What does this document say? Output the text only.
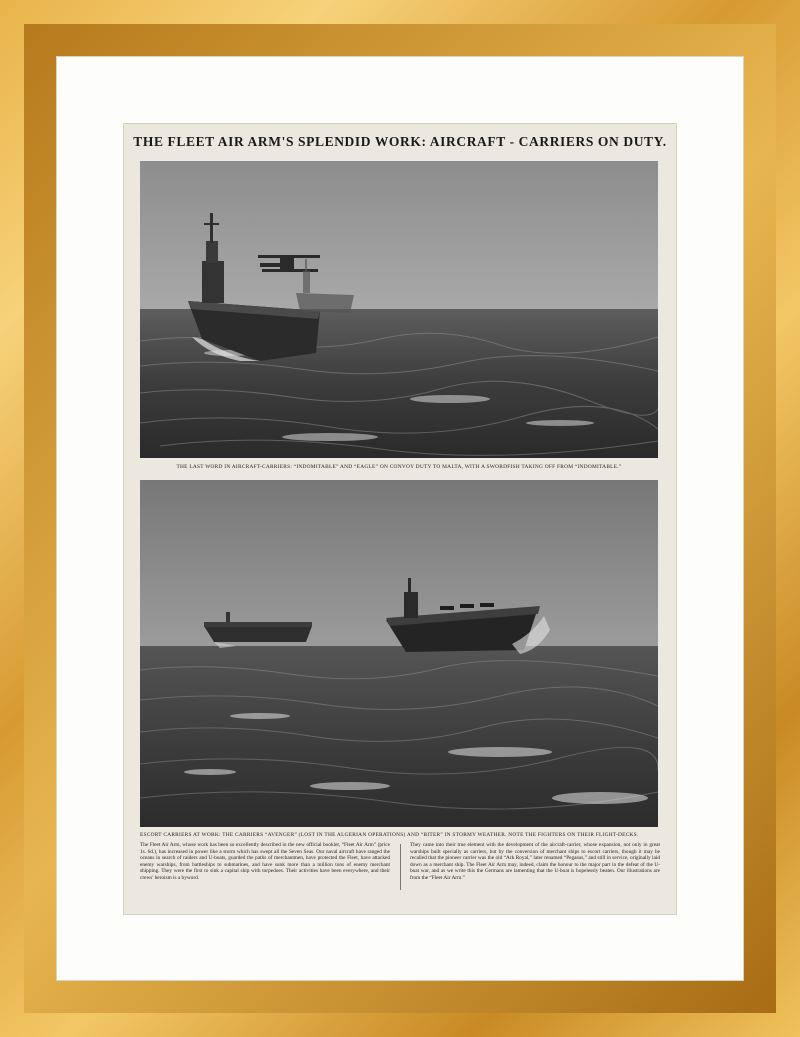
THE FLEET AIR ARM'S SPLENDID WORK: AIRCRAFT - CARRIERS ON DUTY.

THE LAST WORD IN AIRCRAFT-CARRIERS: “INDOMITABLE” AND “EAGLE” ON CONVOY DUTY TO MALTA, WITH A SWORDFISH TAKING OFF FROM “INDOMITABLE.”

ESCORT CARRIERS AT WORK: THE CARRIERS “AVENGER” (LOST IN THE ALGERIAN OPERATIONS) AND “BITER” IN STORMY WEATHER. NOTE THE FIGHTERS ON THEIR FLIGHT-DECKS.

The Fleet Air Arm, whose work has been so excellently described in the new official booklet, “Fleet Air Arm” (price 1s. 6d.), has increased in power like a storm which has swept all the Seven Seas. Our naval aircraft have ranged the oceans in search of raiders and U-boats, guarded the paths of merchantmen, have protected the Fleet, have attacked enemy warships, from battleships to submarines, and have sunk more than a million tons of enemy merchant shipping. They were the first to sink a capital ship with torpedoes. Their activities have been everywhere, and their crews' heroism is a byword.

They came into their true element with the development of the aircraft-carrier, whose expansion, not only in great warships built specially as carriers, but by the conversion of merchant ships to escort carriers, though it may be recalled that the pioneer carrier was the old “Ark Royal,” later renamed “Pegasus,” and still in service, originally laid down as a merchant ship. The Fleet Air Arm may, indeed, claim the honour to the major part in the defeat of the U-boat war, and as we write this the Germans are lamenting that the U-boat is hopelessly beaten. Our illustrations are from the “Fleet Air Arm.”
